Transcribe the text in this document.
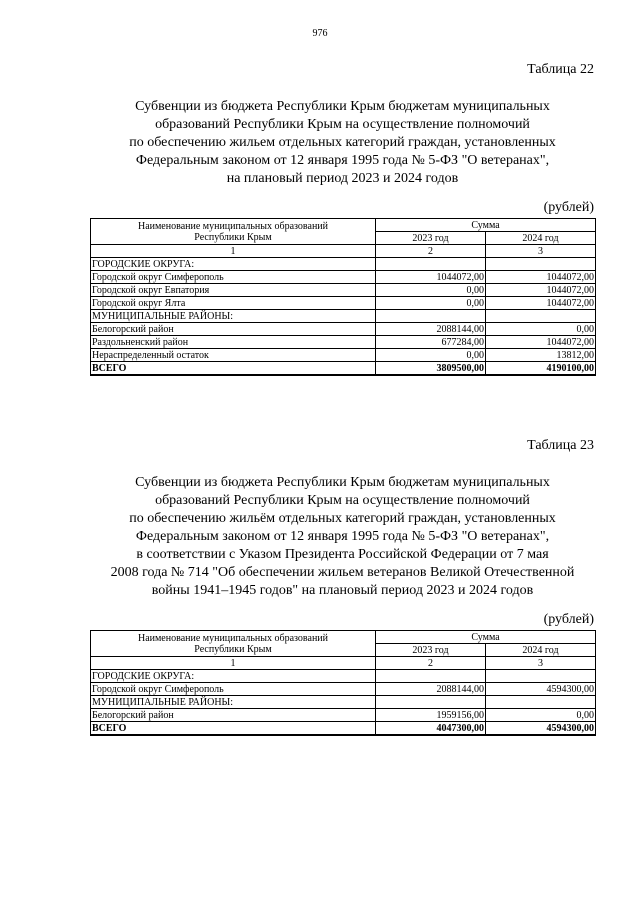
976
Таблица 22
Субвенции из бюджета Республики Крым бюджетам муниципальных
образований Республики Крым на осуществление полномочий
по обеспечению жильем отдельных категорий граждан, установленных
Федеральным законом от 12 января 1995 года № 5-ФЗ "О ветеранах",
на плановый период 2023 и 2024 годов
(рублей)
Наименование муниципальных образований
Республики Крым	Сумма	
	2023 год	2024 год
1	2	3
ГОРОДСКИЕ ОКРУГА:		
Городской округ Симферополь	1044072,00	1044072,00
Городской округ Евпатория	0,00	1044072,00
Городской округ Ялта	0,00	1044072,00
МУНИЦИПАЛЬНЫЕ РАЙОНЫ:		
Белогорский район	2088144,00	0,00
Раздольненский район	677284,00	1044072,00
Нераспределенный остаток	0,00	13812,00
ВСЕГО	3809500,00	4190100,00
Таблица 23
Субвенции из бюджета Республики Крым бюджетам муниципальных
образований Республики Крым на осуществление полномочий
по обеспечению жильём отдельных категорий граждан, установленных
Федеральным законом от 12 января 1995 года № 5-ФЗ "О ветеранах",
в соответствии с Указом Президента Российской Федерации от 7 мая
2008 года № 714 "Об обеспечении жильем ветеранов Великой Отечественной
войны 1941–1945 годов" на плановый период 2023 и 2024 годов
(рублей)
Наименование муниципальных образований
Республики Крым	Сумма	
	2023 год	2024 год
1	2	3
ГОРОДСКИЕ ОКРУГА:		
Городской округ Симферополь	2088144,00	4594300,00
МУНИЦИПАЛЬНЫЕ РАЙОНЫ:		
Белогорский район	1959156,00	0,00
ВСЕГО	4047300,00	4594300,00
